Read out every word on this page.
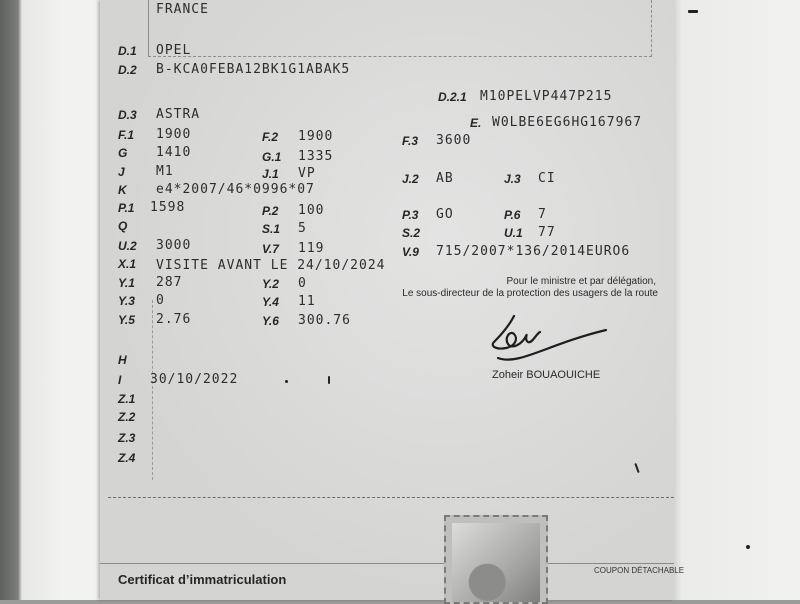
FRANCE
D.1 OPEL
D.2 B-KCA0FEBA12BK1G1ABAK5
D.2.1 M10PELVP447P215
D.3 ASTRA
E. W0LBE6EG6HG167967
F.1 1900	F.2 1900	F.3 3600
G 1410	G.1 1335
J M1	J.1 VP	J.2 AB	J.3 CI
K e4*2007/46*0996*07
P.1 1598	P.2 100	P.3 GO	P.6 7
Q	S.1 5	S.2	U.1 77
U.2 3000	V.7 119	V.9 715/2007*136/2014EURO6
X.1 VISITE AVANT LE 24/10/2024
Y.1 287	Y.2 0
Y.3 0	Y.4 11
Y.5 2.76	Y.6 300.76
Pour le ministre et par délégation,
Le sous-directeur de la protection des usagers de la route
Zoheir BOUAOUICHE
H
I 30/10/2022
Z.1
Z.2
Z.3
Z.4
Certificat d’immatriculation
COUPON DÉTACHABLE
